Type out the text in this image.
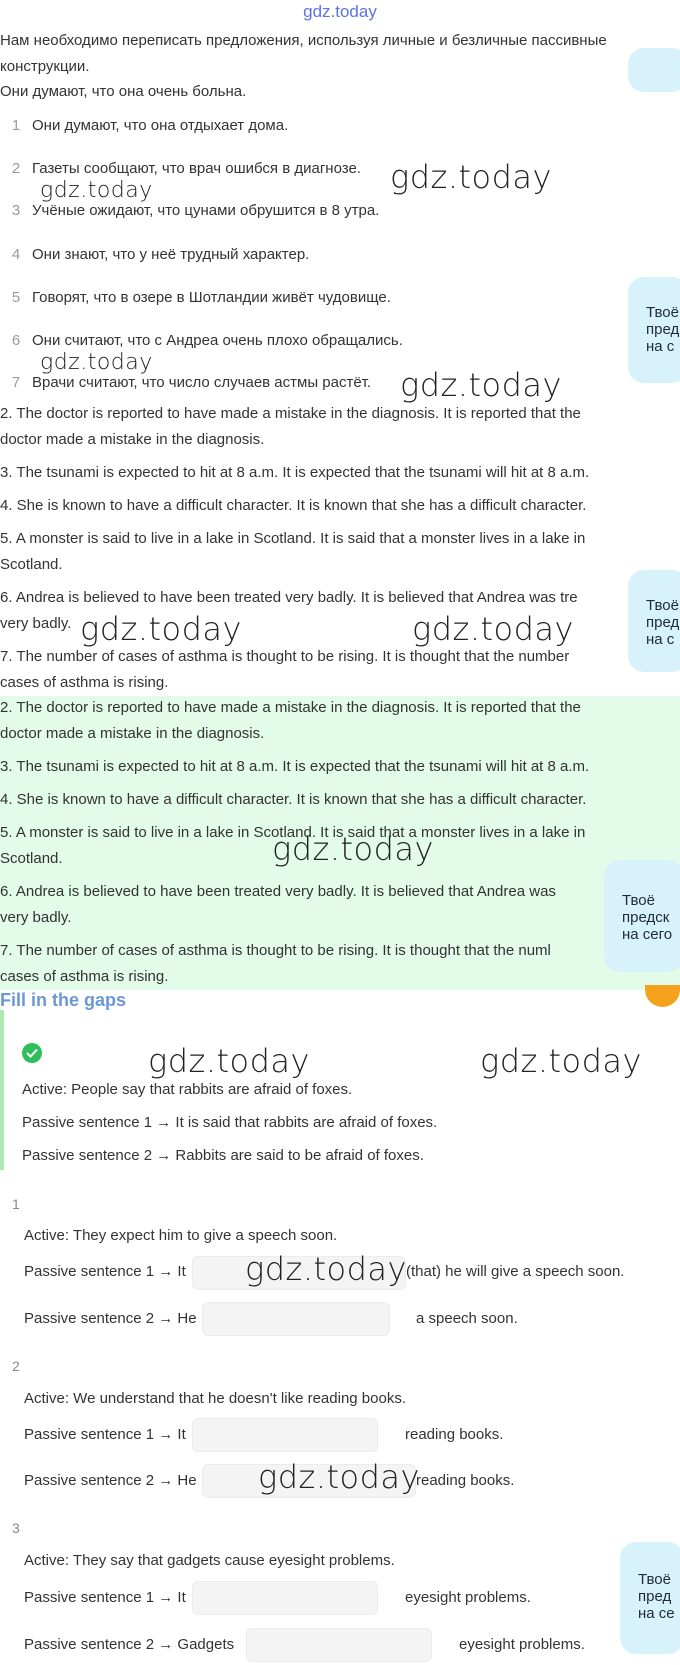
gdz.today
Твоё
пред
на с
Твоё
пред
на с
Нам необходимо переписать предложения, используя личные и безличные пассивные
конструкции.
Они думают, что она очень больна.
1 Они думают, что она отдыхает дома.
2 Газеты сообщают, что врач ошибся в диагнозе.
3 Учёные ожидают, что цунами обрушится в 8 утра.
4 Они знают, что у неё трудный характер.
5 Говорят, что в озере в Шотландии живёт чудовище.
6 Они считают, что с Андреа очень плохо обращались.
7 Врачи считают, что число случаев астмы растёт.
2. The doctor is reported to have made a mistake in the diagnosis. It is reported that the
doctor made a mistake in the diagnosis.
3. The tsunami is expected to hit at 8 a.m. It is expected that the tsunami will hit at 8 a.m.
4. She is known to have a difficult character. It is known that she has a difficult character.
5. A monster is said to live in a lake in Scotland. It is said that a monster lives in a lake in
Scotland.
6. Andrea is believed to have been treated very badly. It is believed that Andrea was tre
very badly.
7. The number of cases of asthma is thought to be rising. It is thought that the number
cases of asthma is rising.
2. The doctor is reported to have made a mistake in the diagnosis. It is reported that the
doctor made a mistake in the diagnosis.
3. The tsunami is expected to hit at 8 a.m. It is expected that the tsunami will hit at 8 a.m.
4. She is known to have a difficult character. It is known that she has a difficult character.
5. A monster is said to live in a lake in Scotland. It is said that a monster lives in a lake in
Scotland.
6. Andrea is believed to have been treated very badly. It is believed that Andrea was
very badly.
7. The number of cases of asthma is thought to be rising. It is thought that the numl
cases of asthma is rising.
Твоё
предск
на сего
Fill in the gaps
Active: People say that rabbits are afraid of foxes.
Passive sentence 1 → It is said that rabbits are afraid of foxes.
Passive sentence 2 → Rabbits are said to be afraid of foxes.
1
Active: They expect him to give a speech soon.
Passive sentence 1 → It	(that) he will give a speech soon.
Passive sentence 2 → He	a speech soon.
2
Active: We understand that he doesn't like reading books.
Passive sentence 1 → It	reading books.
Passive sentence 2 → He	reading books.
3
Active: They say that gadgets cause eyesight problems.
Passive sentence 1 → It	eyesight problems.
Passive sentence 2 → Gadgets	eyesight problems.
Твоё
пред
на се
gdz.today
gdz.today
gdz.today
gdz.today
gdz.today	gdz.today
gdz.today
gdz.today	gdz.today
gdz.today
gdz.today
